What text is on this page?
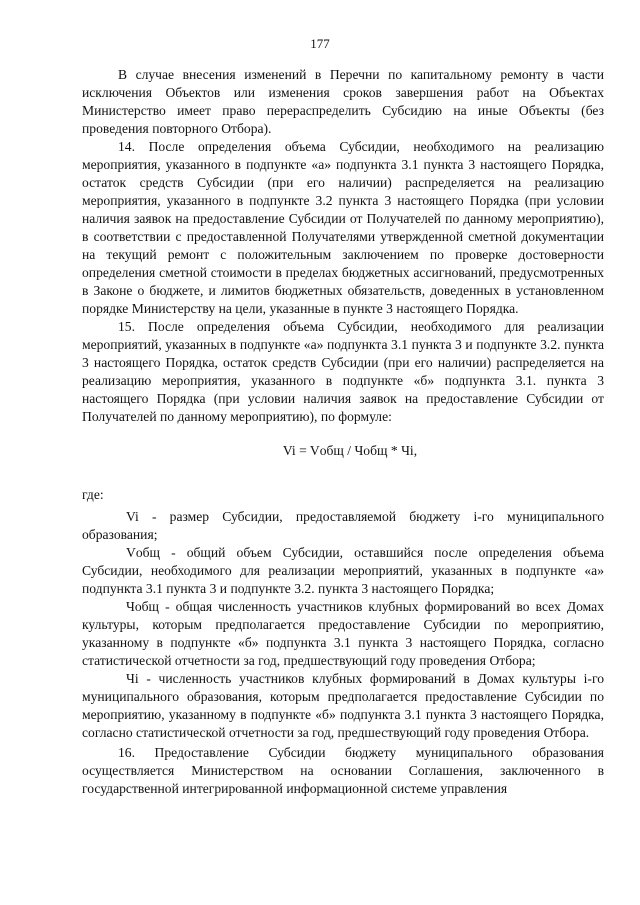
177

В случае внесения изменений в Перечни по капитальному ремонту в части исключения Объектов или изменения сроков завершения работ на Объектах Министерство имеет право перераспределить Субсидию на иные Объекты (без проведения повторного Отбора).

14. После определения объема Субсидии, необходимого на реализацию мероприятия, указанного в подпункте «а» подпункта 3.1 пункта 3 настоящего Порядка, остаток средств Субсидии (при его наличии) распределяется на реализацию мероприятия, указанного в подпункте 3.2 пункта 3 настоящего Порядка (при условии наличия заявок на предоставление Субсидии от Получателей по данному мероприятию), в соответствии с предоставленной Получателями утвержденной сметной документации на текущий ремонт с положительным заключением по проверке достоверности определения сметной стоимости в пределах бюджетных ассигнований, предусмотренных в Законе о бюджете, и лимитов бюджетных обязательств, доведенных в установленном порядке Министерству на цели, указанные в пункте 3 настоящего Порядка.

15. После определения объема Субсидии, необходимого для реализации мероприятий, указанных в подпункте «а» подпункта 3.1 пункта 3 и подпункте 3.2. пункта 3 настоящего Порядка, остаток средств Субсидии (при его наличии) распределяется на реализацию мероприятия, указанного в подпункте «б» подпункта 3.1. пункта 3 настоящего Порядка (при условии наличия заявок на предоставление Субсидии от Получателей по данному мероприятию), по формуле:

Vi = Vобщ / Чобщ * Чi,

где:

Vi - размер Субсидии, предоставляемой бюджету i-го муниципального образования;

Vобщ - общий объем Субсидии, оставшийся после определения объема Субсидии, необходимого для реализации мероприятий, указанных в подпункте «а» подпункта 3.1 пункта 3 и подпункте 3.2. пункта 3 настоящего Порядка;

Чобщ - общая численность участников клубных формирований во всех Домах культуры, которым предполагается предоставление Субсидии по мероприятию, указанному в подпункте «б» подпункта 3.1 пункта 3 настоящего Порядка, согласно статистической отчетности за год, предшествующий году проведения Отбора;

Чi - численность участников клубных формирований в Домах культуры i-го муниципального образования, которым предполагается предоставление Субсидии по мероприятию, указанному в подпункте «б» подпункта 3.1 пункта 3 настоящего Порядка, согласно статистической отчетности за год, предшествующий году проведения Отбора.

16. Предоставление Субсидии бюджету муниципального образования осуществляется Министерством на основании Соглашения, заключенного в государственной интегрированной информационной системе управления
